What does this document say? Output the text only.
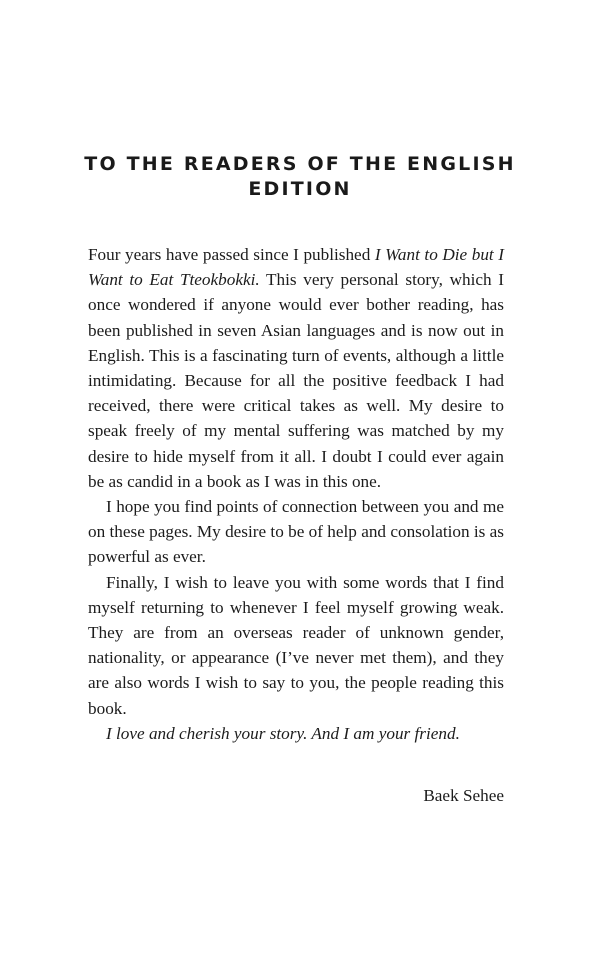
TO THE READERS OF THE ENGLISH
EDITION

Four years have passed since I published I Want to Die but I Want to Eat Tteokbokki. This very personal story, which I once wondered if anyone would ever bother reading, has been published in seven Asian languages and is now out in English. This is a fascinating turn of events, although a little intimidating. Because for all the positive feedback I had received, there were critical takes as well. My desire to speak freely of my mental suffering was matched by my desire to hide myself from it all. I doubt I could ever again be as candid in a book as I was in this one.

I hope you find points of connection between you and me on these pages. My desire to be of help and consolation is as powerful as ever.

Finally, I wish to leave you with some words that I find myself returning to whenever I feel myself growing weak. They are from an overseas reader of unknown gender, nationality, or appearance (I’ve never met them), and they are also words I wish to say to you, the people reading this book.

I love and cherish your story. And I am your friend.

Baek Sehee
